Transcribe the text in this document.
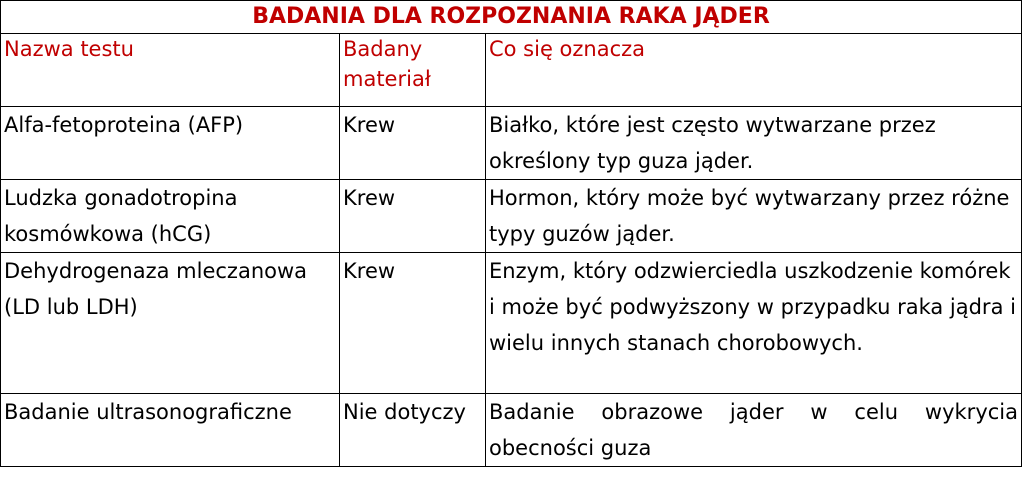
BADANIA DLA ROZPOZNANIA RAKA JĄDER		
Nazwa testu	Badany materiał	Co się oznacza
Alfa-fetoproteina (AFP)	Krew	Białko, które jest często wytwarzane przez określony typ guza jąder.
Ludzka gonadotropina kosmówkowa (hCG)	Krew	Hormon, który może być wytwarzany przez różne typy guzów jąder.
Dehydrogenaza mleczanowa (LD lub LDH)	Krew	Enzym, który odzwierciedla uszkodzenie komórek i może być podwyższony w przypadku raka jądra i wielu innych stanach chorobowych.
Badanie ultrasonograficzne	Nie dotyczy	Badanie obrazowe jąder w celu wykrycia obecności guza
